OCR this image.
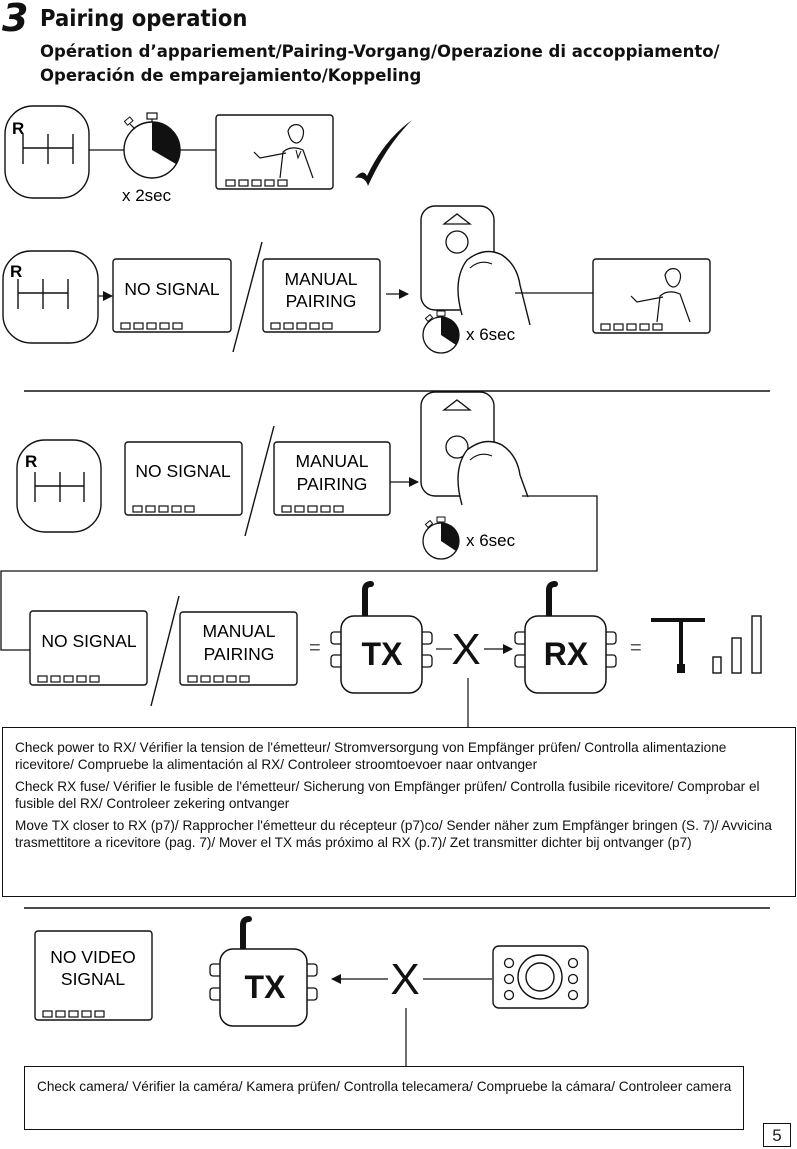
3 Pairing operation
Opération d’appariement/Pairing-Vorgang/Operazione di accoppiamento/ Operación de emparejamiento/Koppeling
R
x 2sec
R
NO SIGNAL	MANUAL
PAIRING
x 6sec
R	NO SIGNAL	MANUAL
PAIRING
x 6sec
NO SIGNAL	MANUAL
PAIRING = TX X RX =
NO VIDEO
SIGNAL	TX X

Check power to RX/ Vérifier la tension de l'émetteur/ Stromversorgung von Empfänger prüfen/ Controlla alimentazione ricevitore/ Compruebe la alimentación al RX/ Controleer stroomtoevoer naar ontvanger

Check RX fuse/ Vérifier le fusible de l'émetteur/ Sicherung von Empfänger prüfen/ Controlla fusibile ricevitore/ Comprobar el fusible del RX/ Controleer zekering ontvanger

Move TX closer to RX (p7)/ Rapprocher l'émetteur du récepteur (p7)co/ Sender näher zum Empfänger bringen (S. 7)/ Avvicina trasmettitore a ricevitore (pag. 7)/ Mover el TX más próximo al RX (p.7)/ Zet transmitter dichter bij ontvanger (p7)

Check camera/ Vérifier la caméra/ Kamera prüfen/ Controlla telecamera/ Compruebe la cámara/ Controleer camera

5
